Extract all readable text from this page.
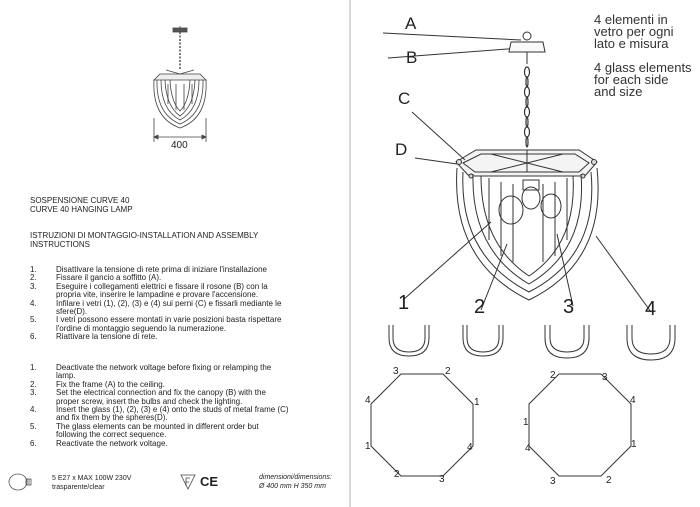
400
SOSPENSIONE CURVE 40
CURVE 40 HANGING LAMP
ISTRUZIONI DI MONTAGGIO-INSTALLATION AND ASSEMBLY
INSTRUCTIONS
1. Disattivare la tensione di rete prima di iniziare l'installazione
2. Fissare il gancio a soffitto (A).
3. Eseguire i collegamenti elettrici e fissare il rosone (B) con la
propria vite, inserire le lampadine e provare l'accensione.
4. Infilare i vetri (1), (2), (3) e (4) sui perni (C) e fissarli mediante le
sfere(D).
5. I vetri possono essere montati in varie posizioni basta rispettare
l'ordine di montaggio seguendo la numerazione.
6. Riattivare la tensione di rete.
1. Deactivate the network voltage before fixing or relamping the
lamp.
2. Fix the frame (A) to the ceiling.
3. Set the electrical connection and fix the canopy (B) with the
proper screw, insert the bulbs and check the lighting.
4. Insert the glass (1), (2), (3) e (4) onto the studs of metal frame (C)
and fix them by the spheres(D).
5. The glass elements can be mounted in different order but
following the correct sequence.
6. Reactivate the network voltage.
5 E27 x MAX 100W 230V
trasparente/clear	CE	dimensioni/dimensions:
Ø 400 mm H 350 mm
A
B
C
D
4 elementi in
vetro per ogni
lato e misura
4 glass elements
for each side
and size
1	2	3	4
3	2
1
4
4
1
2	3
2	3
4
1
1
4
3	2
